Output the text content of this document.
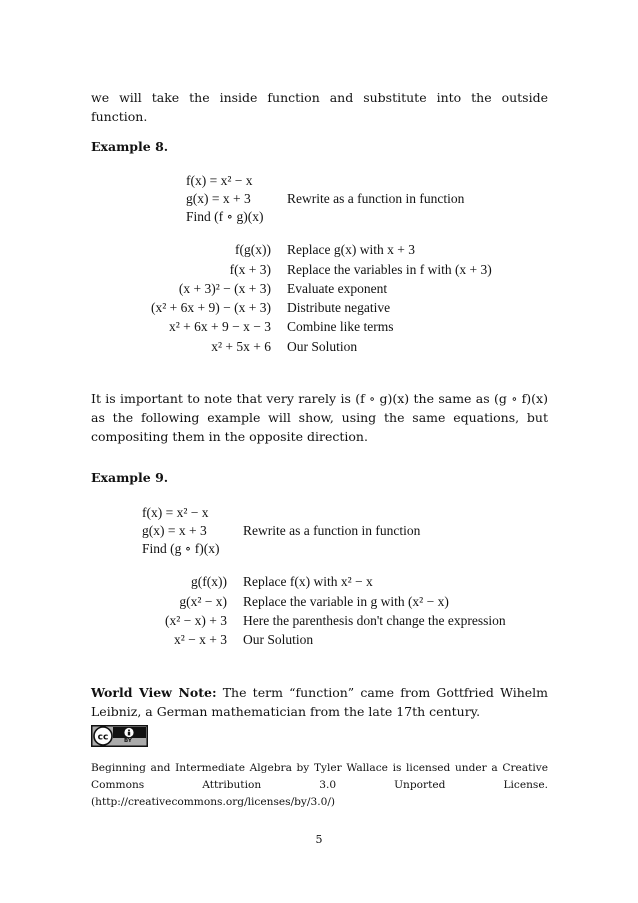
we will take the inside function and substitute into the outside function.
Example 8.
f(x) = x² − x
g(x) = x + 3
Find (f ∘ g)(x)
Rewrite as a function in function
f(g(x)) Replace g(x) with x + 3
f(x + 3) Replace the variables in f with (x + 3)
(x + 3)² − (x + 3) Evaluate exponent
(x² + 6x + 9) − (x + 3) Distribute negative
x² + 6x + 9 − x − 3 Combine like terms
x² + 5x + 6 Our Solution
It is important to note that very rarely is (f ∘ g)(x) the same as (g ∘ f)(x) as the following example will show, using the same equations, but compositing them in the opposite direction.
Example 9.
f(x) = x² − x
g(x) = x + 3
Find (g ∘ f)(x)
Rewrite as a function in function
g(f(x)) Replace f(x) with x² − x
g(x² − x) Replace the variable in g with (x² − x)
(x² − x) + 3 Here the parenthesis don't change the expression
x² − x + 3 Our Solution
World View Note: The term “function” came from Gottfried Wihelm Leibniz, a German mathematician from the late 17th century.
cc	BY
Beginning and Intermediate Algebra by Tyler Wallace is licensed under a Creative Commons Attribution 3.0 Unported License. (http://creativecommons.org/licenses/by/3.0/)
5
